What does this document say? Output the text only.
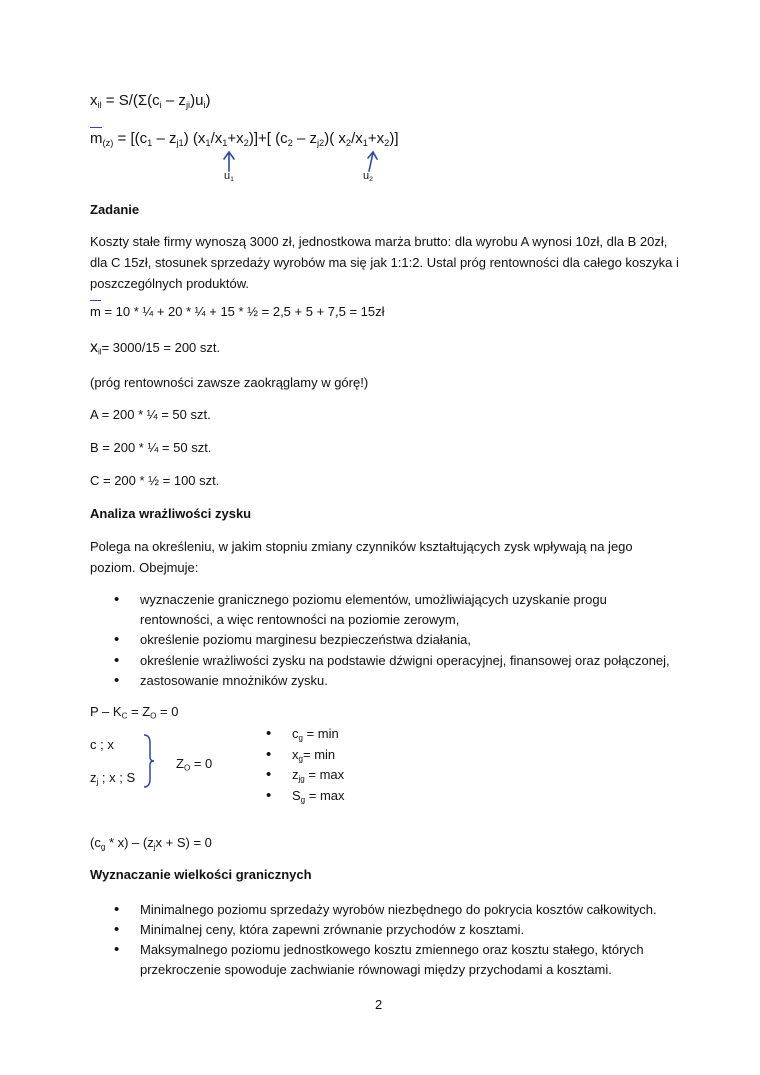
$x_{il} = S/(\Sigma(c_i - z_{ji})u_i)$
$m_{(z)} = [(c_1 - z_{j1})$ $(x_1/x_1+x_2)]+$[ $(c_2 - z_{j2})$( $x_2/x_1+x_2$)]
$u_1$	$u_2$
Zadanie
Koszty stałe firmy wynoszą 3000 zł, jednostkowa marża brutto: dla wyrobu A wynosi 10zł, dla B 20zł, dla C 15zł, stosunek sprzedaży wyrobów ma się jak 1:1:2. Ustal próg rentowności dla całego koszyka i poszczególnych produktów.
m = 10 * ¼ + 20 * ¼ + 15 * ½ = 2,5 + 5 + 7,5 = 15zł
$x_{il}= 3000/15 = 200$ szt.
(próg rentowności zawsze zaokrąglamy w górę!)
A = 200 * ¼ = 50 szt.
B = 200 * ¼ = 50 szt.
C = 200 * ½ = 100 szt.
Analiza wrażliwości zysku
Polega na określeniu, w jakim stopniu zmiany czynników kształtujących zysk wpływają na jego poziom. Obejmuje:
• wyznaczenie granicznego poziomu elementów, umożliwiających uzyskanie progu rentowności, a więc rentowności na poziomie zerowym,
• określenie poziomu marginesu bezpieczeństwa działania,
• określenie wrażliwości zysku na podstawie dźwigni operacyjnej, finansowej oraz połączonej,
• zastosowanie mnożników zysku.
$P - K_C = Z_O = 0$
c ; x
$z_j$ ; x ; S
$Z_O = 0$
• $c_g = \min$
• $x_g= \min$
• $z_{jg} = \max$
• $S_g = \max$
$(c_g * x) - (z_jx + S) = 0$
Wyznaczanie wielkości granicznych
• Minimalnego poziomu sprzedaży wyrobów niezbędnego do pokrycia kosztów całkowitych.
• Minimalnej ceny, która zapewni zrównanie przychodów z kosztami.
• Maksymalnego poziomu jednostkowego kosztu zmiennego oraz kosztu stałego, których przekroczenie spowoduje zachwianie równowagi między przychodami a kosztami.
2
